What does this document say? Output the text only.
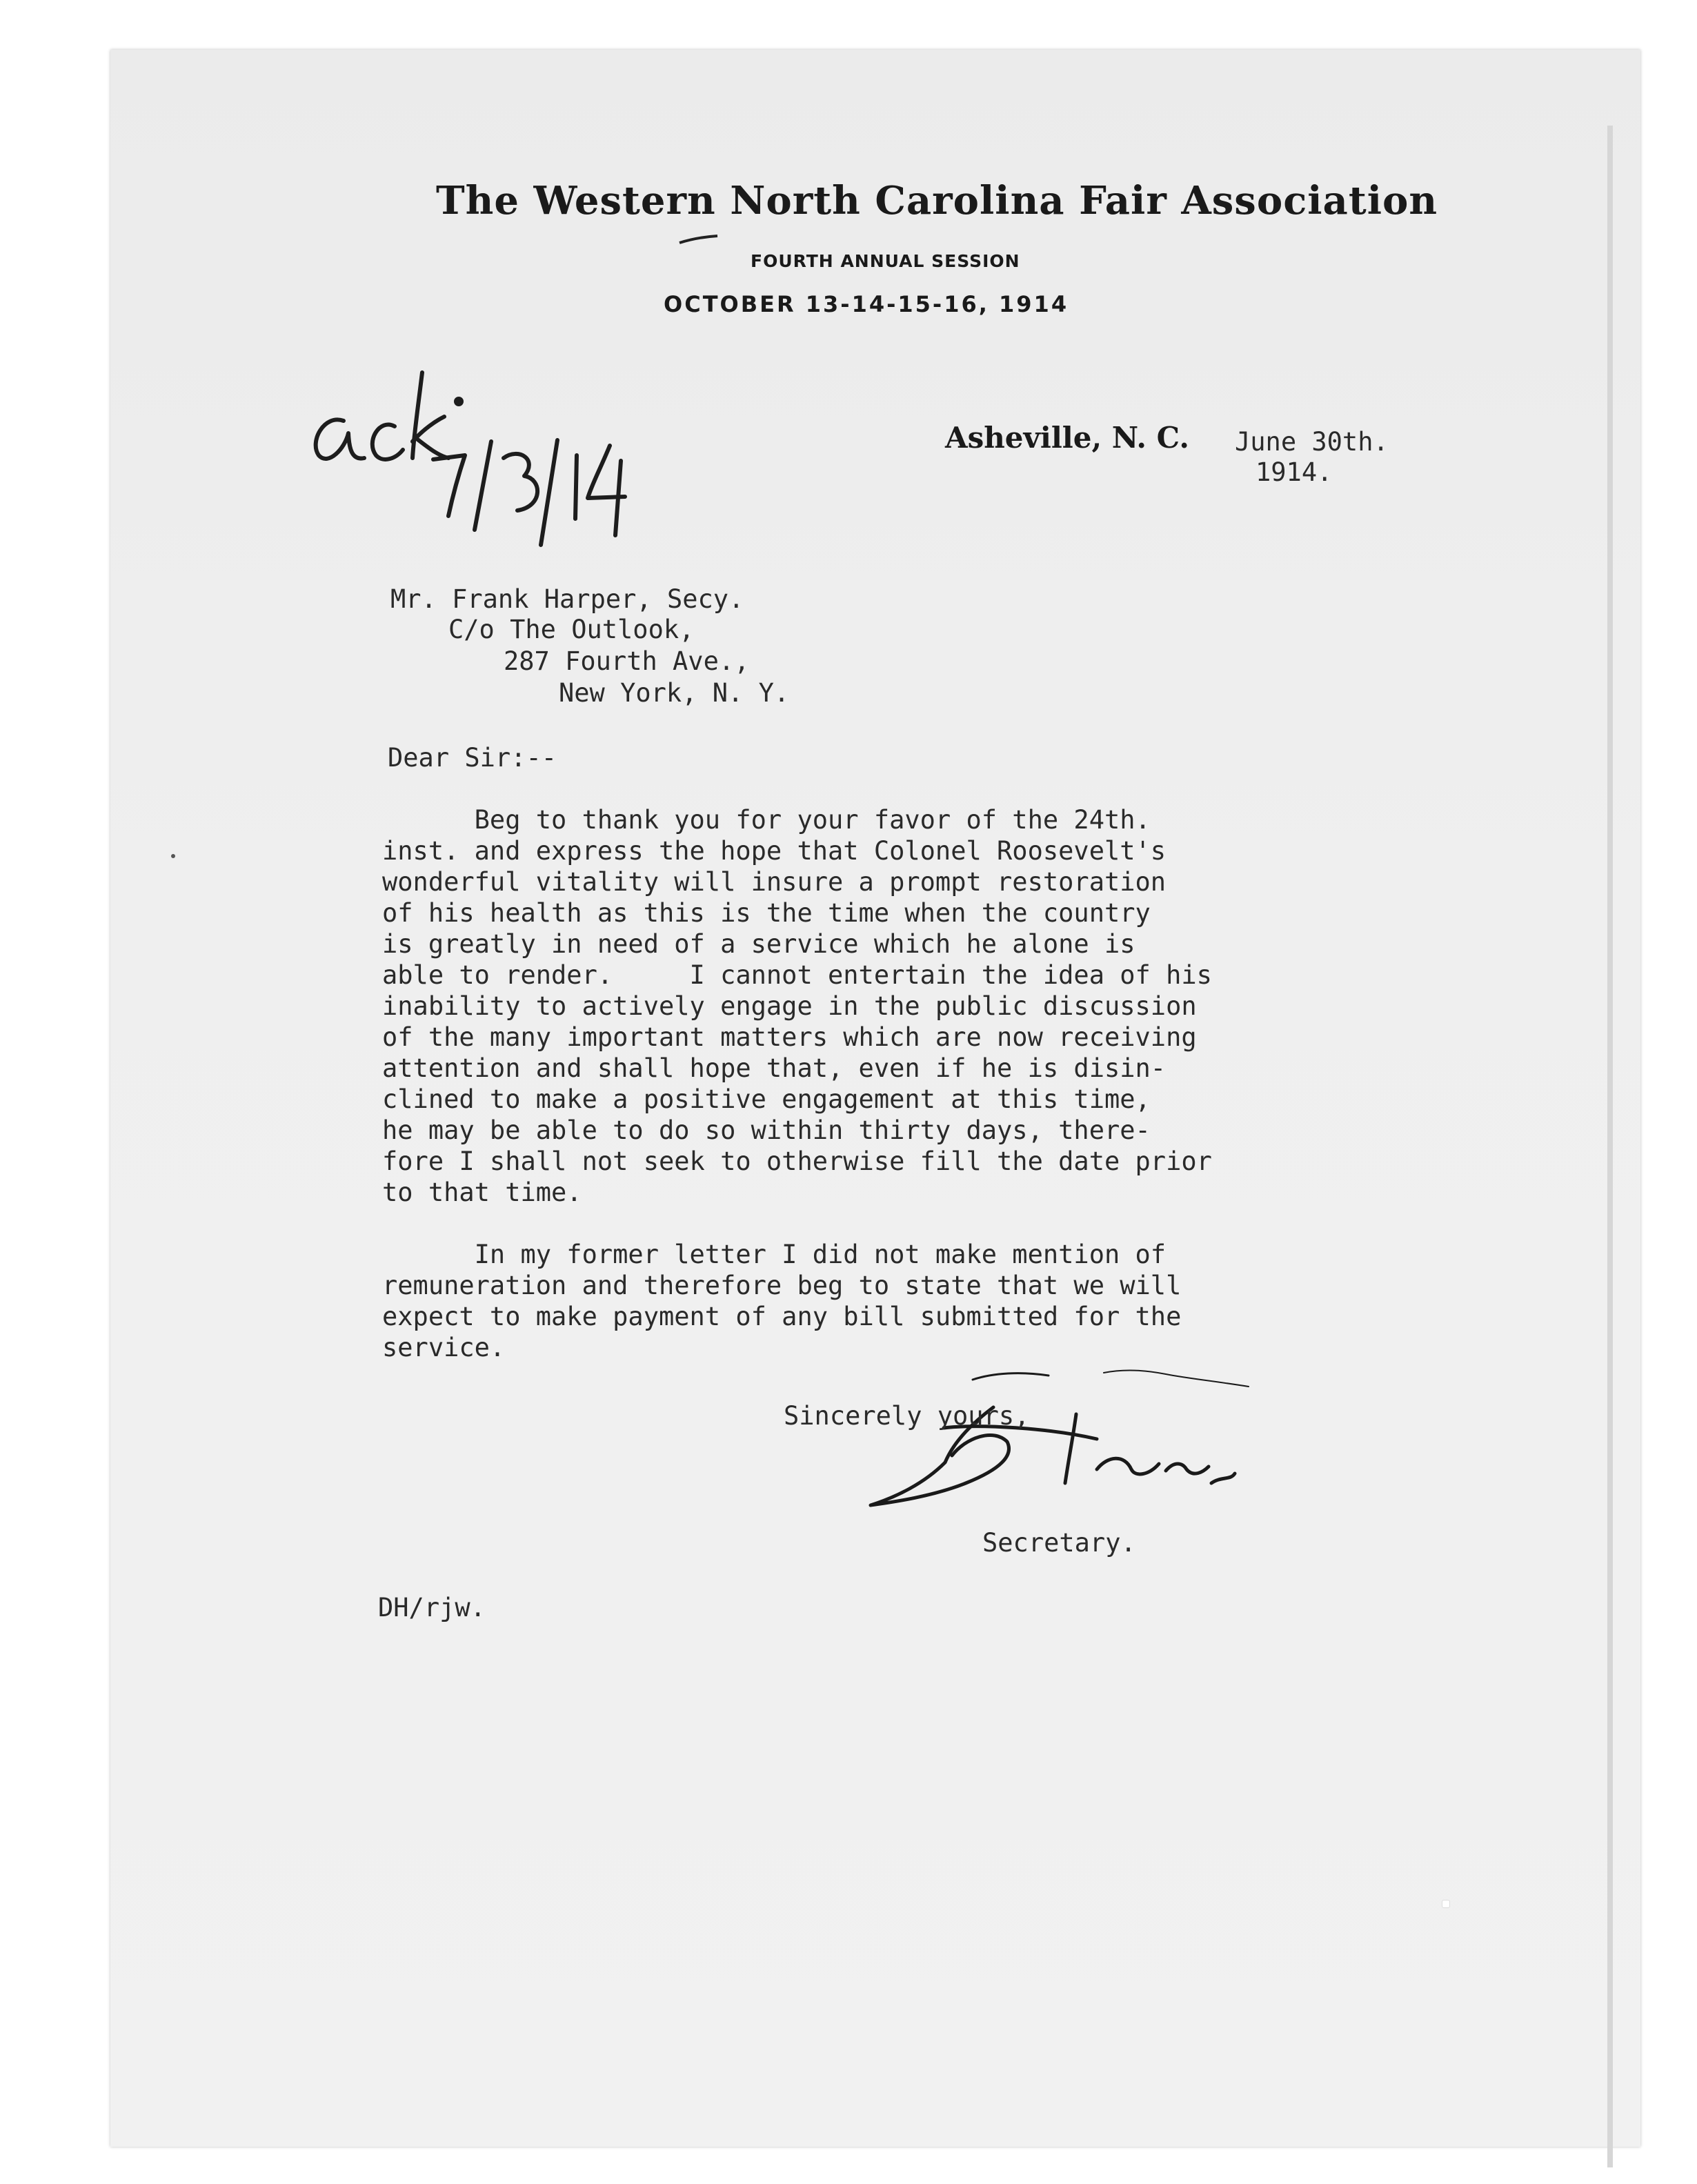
The Western North Carolina Fair Association
FOURTH ANNUAL SESSION
OCTOBER 13-14-15-16, 1914
Asheville, N. C. June 30th.
1914.
Mr. Frank Harper, Secy.
C/o The Outlook,
287 Fourth Ave.,
New York, N. Y.
Dear Sir:--
Beg to thank you for your favor of the 24th.
inst. and express the hope that Colonel Roosevelt's
wonderful vitality will insure a prompt restoration
of his health as this is the time when the country
is greatly in need of a service which he alone is
able to render.     I cannot entertain the idea of his
inability to actively engage in the public discussion
of the many important matters which are now receiving
attention and shall hope that, even if he is disin-
clined to make a positive engagement at this time,
he may be able to do so within thirty days, there-
fore I shall not seek to otherwise fill the date prior
to that time.
In my former letter I did not make mention of
remuneration and therefore beg to state that we will
expect to make payment of any bill submitted for the
service.
Sincerely yours,
Secretary.
DH/rjw.
